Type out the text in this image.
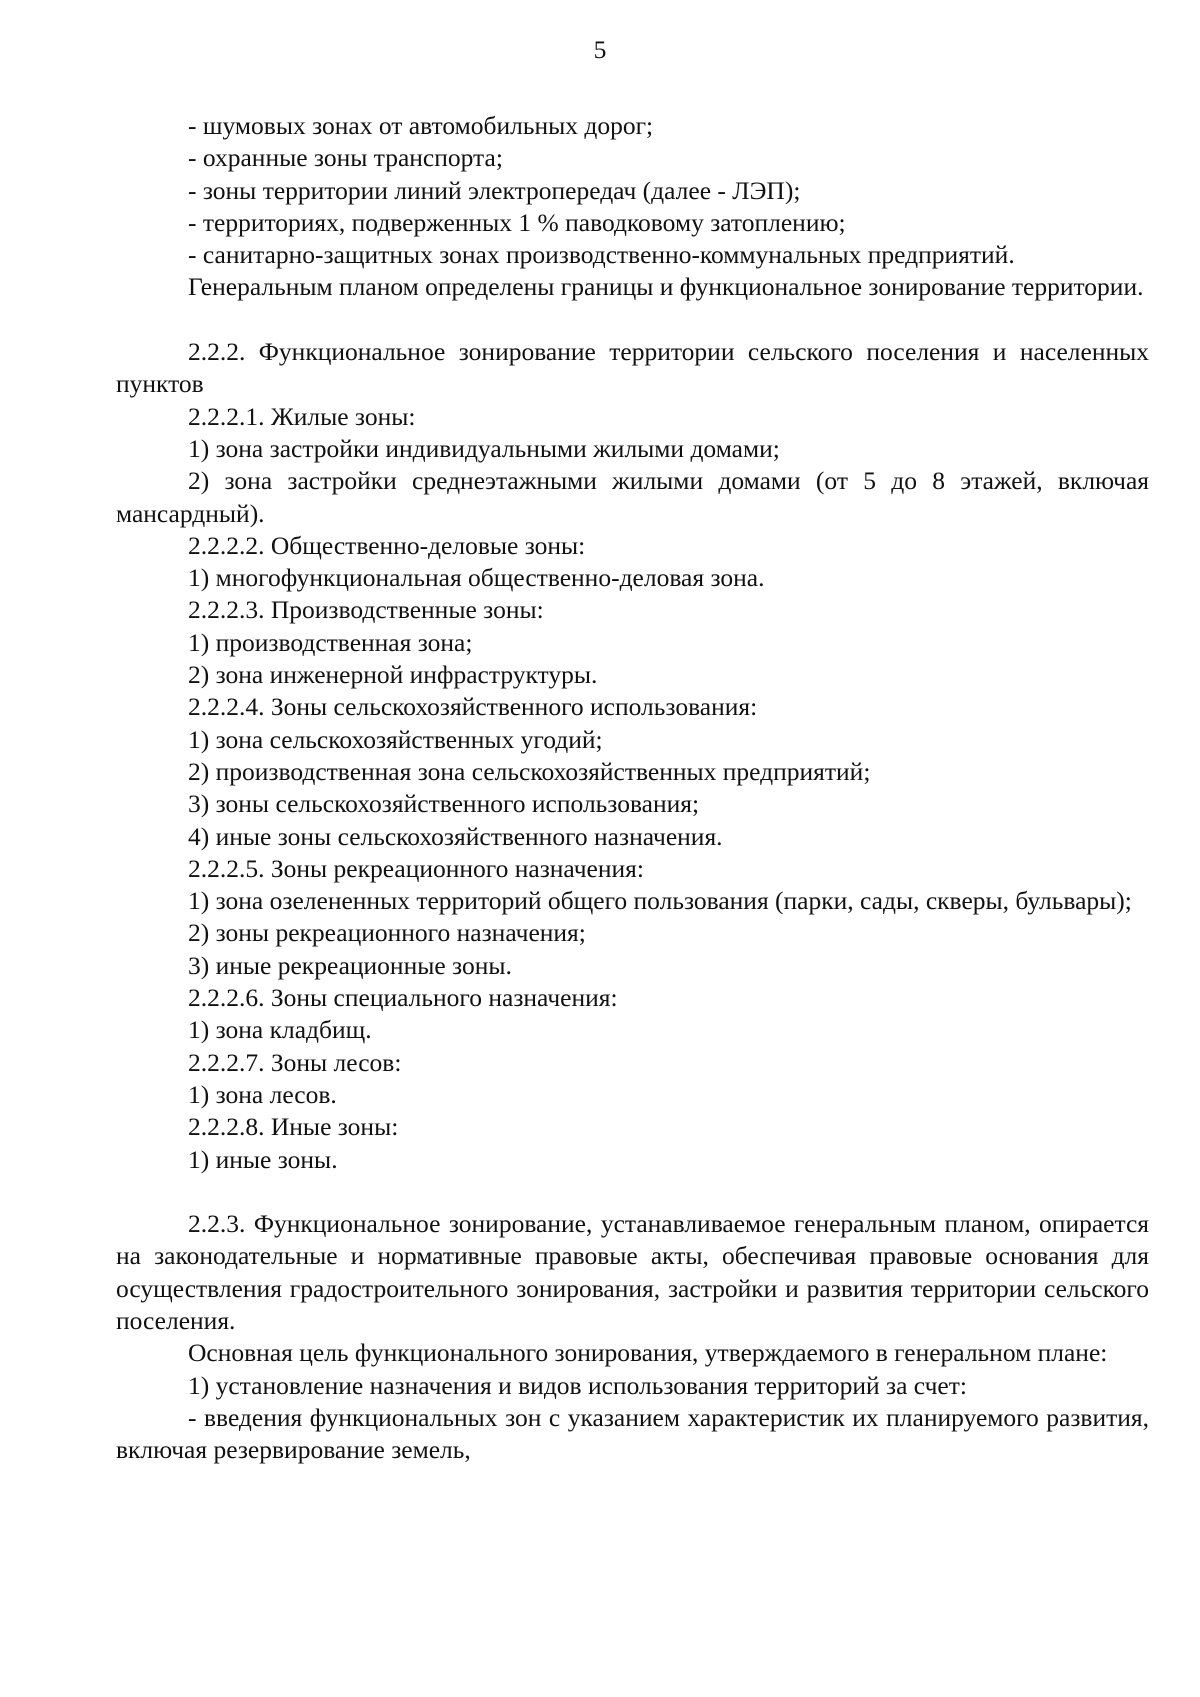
5

- шумовых зонах от автомобильных дорог;

- охранные зоны транспорта;

- зоны территории линий электропередач (далее - ЛЭП);

- территориях, подверженных 1 % паводковому затоплению;

- санитарно-защитных зонах производственно-коммунальных предприятий.

Генеральным планом определены границы и функциональное зонирование территории.

2.2.2. Функциональное зонирование территории сельского поселения и населенных пунктов

2.2.2.1. Жилые зоны:

1) зона застройки индивидуальными жилыми домами;

2) зона застройки среднеэтажными жилыми домами (от 5 до 8 этажей, включая мансардный).

2.2.2.2. Общественно-деловые зоны:

1) многофункциональная общественно-деловая зона.

2.2.2.3. Производственные зоны:

1) производственная зона;

2) зона инженерной инфраструктуры.

2.2.2.4. Зоны сельскохозяйственного использования:

1) зона сельскохозяйственных угодий;

2) производственная зона сельскохозяйственных предприятий;

3) зоны сельскохозяйственного использования;

4) иные зоны сельскохозяйственного назначения.

2.2.2.5. Зоны рекреационного назначения:

1) зона озелененных территорий общего пользования (парки, сады, скверы, бульвары);

2) зоны рекреационного назначения;

3) иные рекреационные зоны.

2.2.2.6. Зоны специального назначения:

1) зона кладбищ.

2.2.2.7. Зоны лесов:

1) зона лесов.

2.2.2.8. Иные зоны:

1) иные зоны.

2.2.3. Функциональное зонирование, устанавливаемое генеральным планом, опирается на законодательные и нормативные правовые акты, обеспечивая правовые основания для осуществления градостроительного зонирования, застройки и развития территории сельского поселения.

Основная цель функционального зонирования, утверждаемого в генеральном плане:

1) установление назначения и видов использования территорий за счет:

- введения функциональных зон с указанием характеристик их планируемого развития, включая резервирование земель,
